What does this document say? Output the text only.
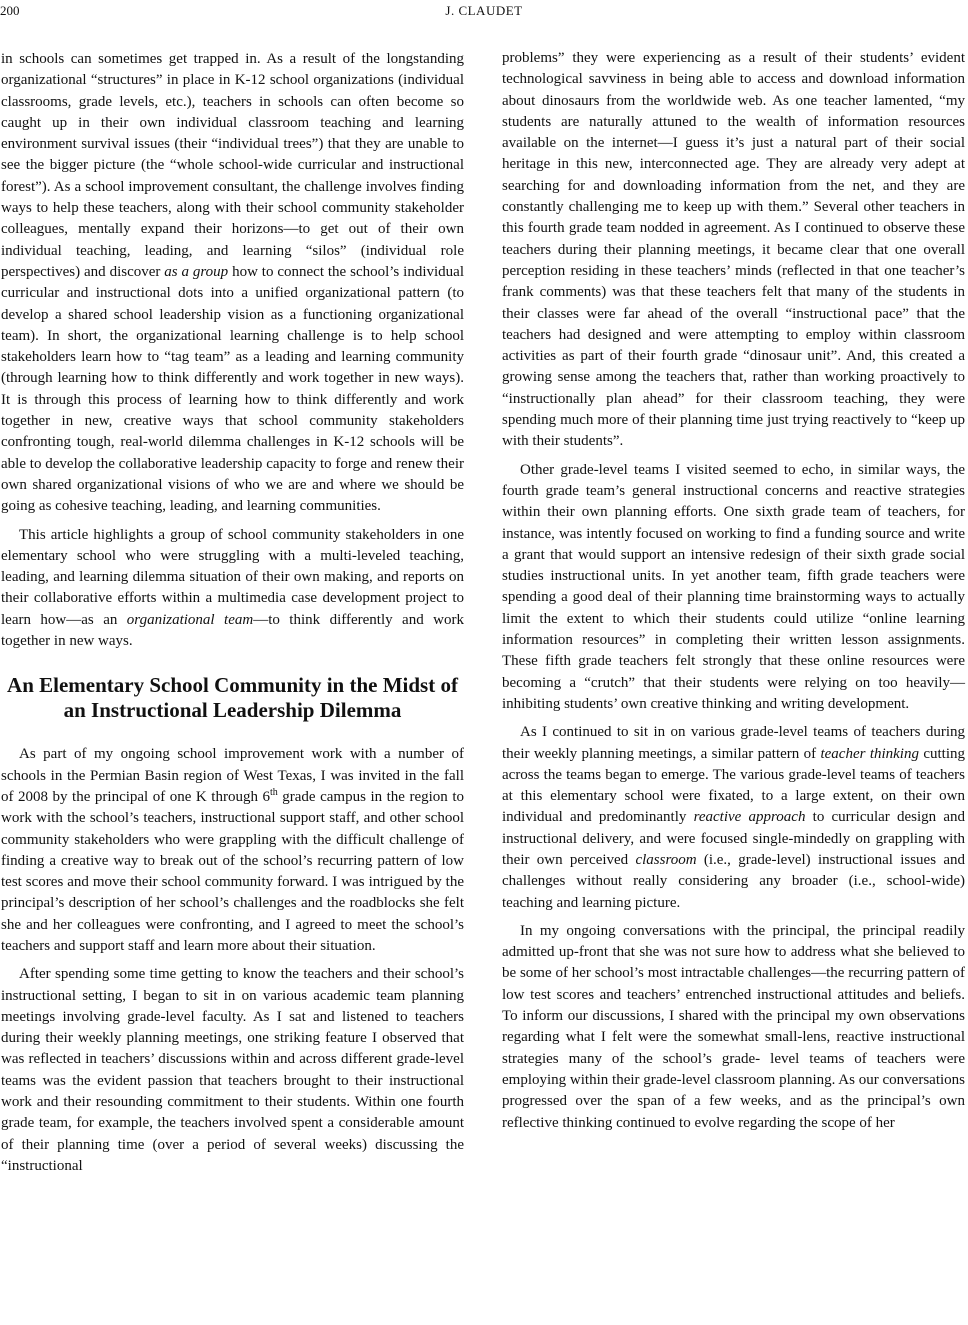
200	J. CLAUDET

in schools can sometimes get trapped in. As a result of the longstanding organizational “structures” in place in K-12 school organizations (individual classrooms, grade levels, etc.), teachers in schools can often become so caught up in their own individual classroom teaching and learning environment survival issues (their “individual trees”) that they are unable to see the bigger picture (the “whole school-wide curricular and instructional forest”). As a school improvement consultant, the challenge involves finding ways to help these teachers, along with their school community stakeholder colleagues, mentally expand their horizons—to get out of their own individual teaching, leading, and learning “silos” (individual role perspectives) and discover as a group how to connect the school’s individual curricular and instructional dots into a unified organizational pattern (to develop a shared school leadership vision as a functioning organizational team). In short, the organizational learning challenge is to help school stakeholders learn how to “tag team” as a leading and learning community (through learning how to think differently and work together in new ways). It is through this process of learning how to think differently and work together in new, creative ways that school community stakeholders confronting tough, real-world dilemma challenges in K-12 schools will be able to develop the collaborative leadership capacity to forge and renew their own shared organizational visions of who we are and where we should be going as cohesive teaching, leading, and learning communities.

This article highlights a group of school community stakeholders in one elementary school who were struggling with a multi-leveled teaching, leading, and learning dilemma situation of their own making, and reports on their collaborative efforts within a multimedia case development project to learn how—as an organizational team—to think differently and work together in new ways.

An Elementary School Community in the Midst of an Instructional Leadership Dilemma

As part of my ongoing school improvement work with a number of schools in the Permian Basin region of West Texas, I was invited in the fall of 2008 by the principal of one K through 6th grade campus in the region to work with the school’s teachers, instructional support staff, and other school community stakeholders who were grappling with the difficult challenge of finding a creative way to break out of the school’s recurring pattern of low test scores and move their school community forward. I was intrigued by the principal’s description of her school’s challenges and the roadblocks she felt she and her colleagues were confronting, and I agreed to meet the school’s teachers and support staff and learn more about their situation.

After spending some time getting to know the teachers and their school’s instructional setting, I began to sit in on various academic team planning meetings involving grade-level faculty. As I sat and listened to teachers during their weekly planning meetings, one striking feature I observed that was reflected in teachers’ discussions within and across different grade-level teams was the evident passion that teachers brought to their instructional work and their resounding commitment to their students. Within one fourth grade team, for example, the teachers involved spent a considerable amount of their planning time (over a period of several weeks) discussing the “instructional

problems” they were experiencing as a result of their students’ evident technological savviness in being able to access and download information about dinosaurs from the worldwide web. As one teacher lamented, “my students are naturally attuned to the wealth of information resources available on the internet—I guess it’s just a natural part of their social heritage in this new, interconnected age. They are already very adept at searching for and downloading information from the net, and they are constantly challenging me to keep up with them.” Several other teachers in this fourth grade team nodded in agreement. As I continued to observe these teachers during their planning meetings, it became clear that one overall perception residing in these teachers’ minds (reflected in that one teacher’s frank comments) was that these teachers felt that many of the students in their classes were far ahead of the overall “instructional pace” that the teachers had designed and were attempting to employ within classroom activities as part of their fourth grade “dinosaur unit”. And, this created a growing sense among the teachers that, rather than working proactively to “instructionally plan ahead” for their classroom teaching, they were spending much more of their planning time just trying reactively to “keep up with their students”.

Other grade-level teams I visited seemed to echo, in similar ways, the fourth grade team’s general instructional concerns and reactive strategies within their own planning efforts. One sixth grade team of teachers, for instance, was intently focused on working to find a funding source and write a grant that would support an intensive redesign of their sixth grade social studies instructional units. In yet another team, fifth grade teachers were spending a good deal of their planning time brainstorming ways to actually limit the extent to which their students could utilize “online learning information resources” in completing their written lesson assignments. These fifth grade teachers felt strongly that these online resources were becoming a “crutch” that their students were relying on too heavily—inhibiting students’ own creative thinking and writing development.

As I continued to sit in on various grade-level teams of teachers during their weekly planning meetings, a similar pattern of teacher thinking cutting across the teams began to emerge. The various grade-level teams of teachers at this elementary school were fixated, to a large extent, on their own individual and predominantly reactive approach to curricular design and instructional delivery, and were focused single-mindedly on grappling with their own perceived classroom (i.e., grade-level) instructional issues and challenges without really considering any broader (i.e., school-wide) teaching and learning picture.

In my ongoing conversations with the principal, the principal readily admitted up-front that she was not sure how to address what she believed to be some of her school’s most intractable challenges—the recurring pattern of low test scores and teachers’ entrenched instructional attitudes and beliefs. To inform our discussions, I shared with the principal my own observations regarding what I felt were the somewhat small-lens, reactive instructional strategies many of the school’s grade- level teams of teachers were employing within their grade-level classroom planning. As our conversations progressed over the span of a few weeks, and as the principal’s own reflective thinking continued to evolve regarding the scope of her
